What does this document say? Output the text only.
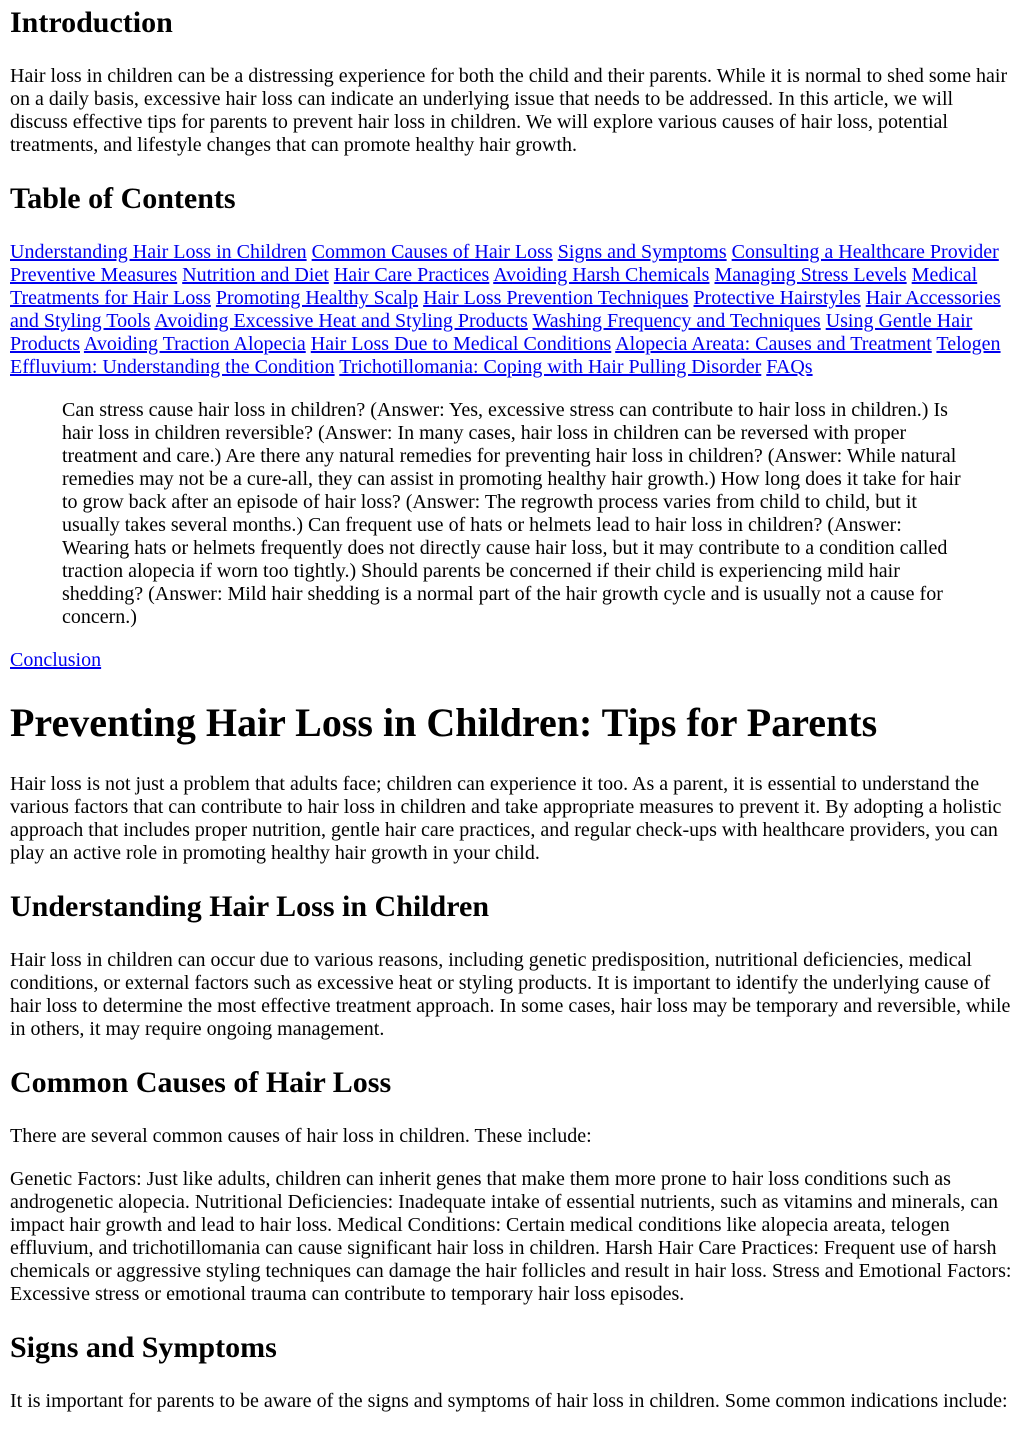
Introduction

Hair loss in children can be a distressing experience for both the child and their parents. While it is normal to shed some hair on a daily basis, excessive hair loss can indicate an underlying issue that needs to be addressed. In this article, we will discuss effective tips for parents to prevent hair loss in children. We will explore various causes of hair loss, potential treatments, and lifestyle changes that can promote healthy hair growth.

Table of Contents

Understanding Hair Loss in Children Common Causes of Hair Loss Signs and Symptoms Consulting a Healthcare Provider Preventive Measures Nutrition and Diet Hair Care Practices Avoiding Harsh Chemicals Managing Stress Levels Medical Treatments for Hair Loss Promoting Healthy Scalp Hair Loss Prevention Techniques Protective Hairstyles Hair Accessories and Styling Tools Avoiding Excessive Heat and Styling Products Washing Frequency and Techniques Using Gentle Hair Products Avoiding Traction Alopecia Hair Loss Due to Medical Conditions Alopecia Areata: Causes and Treatment Telogen Effluvium: Understanding the Condition Trichotillomania: Coping with Hair Pulling Disorder FAQs

Can stress cause hair loss in children? (Answer: Yes, excessive stress can contribute to hair loss in children.) Is hair loss in children reversible? (Answer: In many cases, hair loss in children can be reversed with proper treatment and care.) Are there any natural remedies for preventing hair loss in children? (Answer: While natural remedies may not be a cure-all, they can assist in promoting healthy hair growth.) How long does it take for hair to grow back after an episode of hair loss? (Answer: The regrowth process varies from child to child, but it usually takes several months.) Can frequent use of hats or helmets lead to hair loss in children? (Answer: Wearing hats or helmets frequently does not directly cause hair loss, but it may contribute to a condition called traction alopecia if worn too tightly.) Should parents be concerned if their child is experiencing mild hair shedding? (Answer: Mild hair shedding is a normal part of the hair growth cycle and is usually not a cause for concern.)

Conclusion

Preventing Hair Loss in Children: Tips for Parents

Hair loss is not just a problem that adults face; children can experience it too. As a parent, it is essential to understand the various factors that can contribute to hair loss in children and take appropriate measures to prevent it. By adopting a holistic approach that includes proper nutrition, gentle hair care practices, and regular check-ups with healthcare providers, you can play an active role in promoting healthy hair growth in your child.

Understanding Hair Loss in Children

Hair loss in children can occur due to various reasons, including genetic predisposition, nutritional deficiencies, medical conditions, or external factors such as excessive heat or styling products. It is important to identify the underlying cause of hair loss to determine the most effective treatment approach. In some cases, hair loss may be temporary and reversible, while in others, it may require ongoing management.

Common Causes of Hair Loss

There are several common causes of hair loss in children. These include:

Genetic Factors: Just like adults, children can inherit genes that make them more prone to hair loss conditions such as androgenetic alopecia. Nutritional Deficiencies: Inadequate intake of essential nutrients, such as vitamins and minerals, can impact hair growth and lead to hair loss. Medical Conditions: Certain medical conditions like alopecia areata, telogen effluvium, and trichotillomania can cause significant hair loss in children. Harsh Hair Care Practices: Frequent use of harsh chemicals or aggressive styling techniques can damage the hair follicles and result in hair loss. Stress and Emotional Factors: Excessive stress or emotional trauma can contribute to temporary hair loss episodes.

Signs and Symptoms

It is important for parents to be aware of the signs and symptoms of hair loss in children. Some common indications include:
